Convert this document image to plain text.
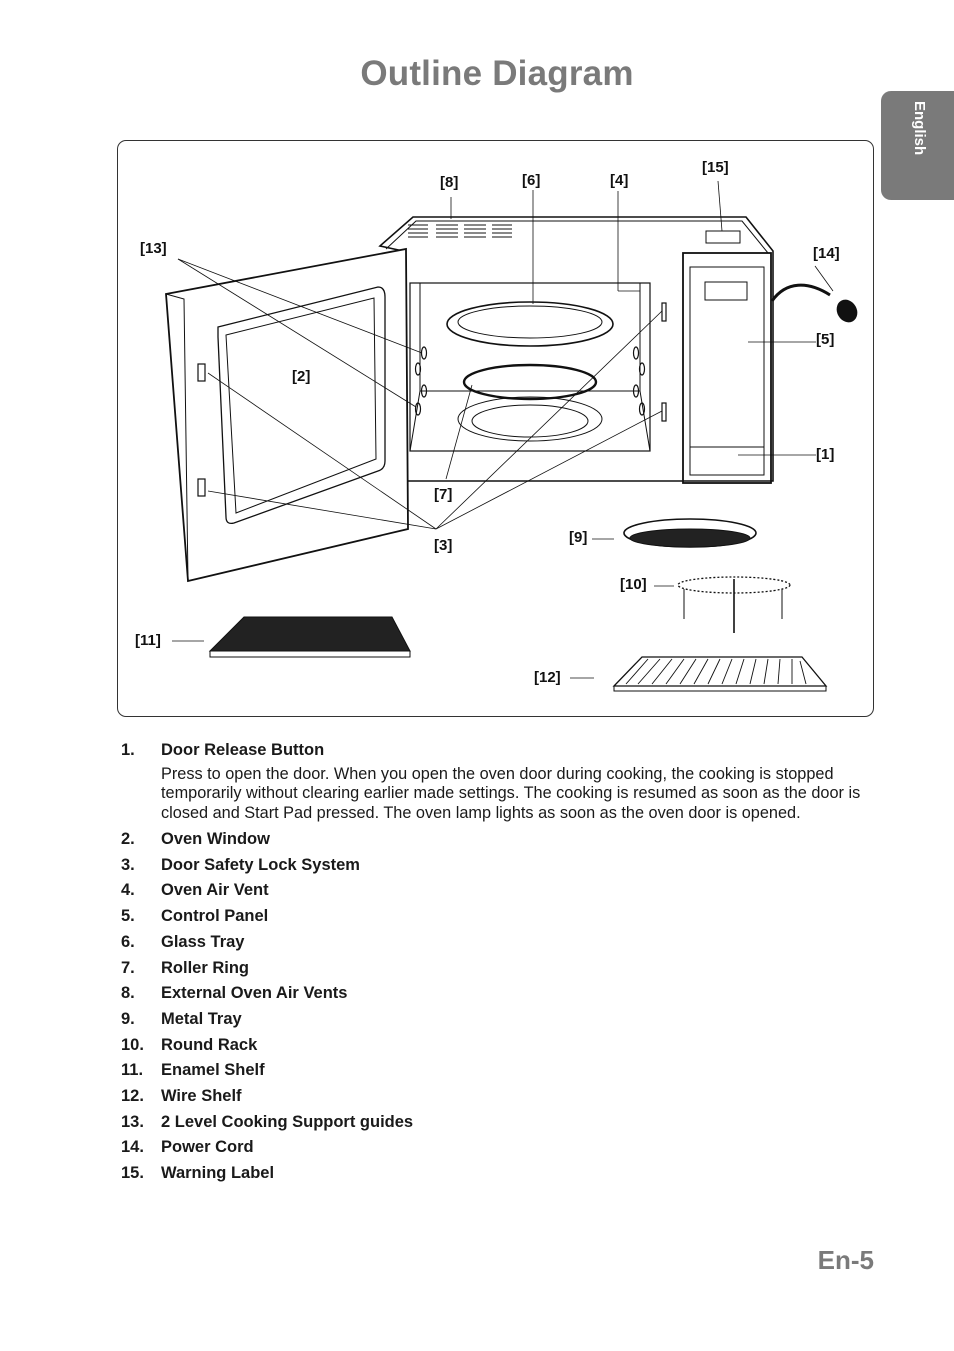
Outline Diagram
English
[8]	[6]	[4]
[15]
[13]	[14]
[5]
[2]
[1]
[7]
[3]	[9]
[10]
[11]
[12]
1. Door Release Button
Press to open the door. When you open the oven door during cooking, the cooking is stopped temporarily without clearing earlier made settings. The cooking is resumed as soon as the door is closed and Start Pad pressed. The oven lamp lights as soon as the oven door is opened.
2. Oven Window
3. Door Safety Lock System
4. Oven Air Vent
5. Control Panel
6. Glass Tray
7. Roller Ring
8. External Oven Air Vents
9. Metal Tray
10. Round Rack
11. Enamel Shelf
12. Wire Shelf
13. 2 Level Cooking Support guides
14. Power Cord
15. Warning Label
En-5
